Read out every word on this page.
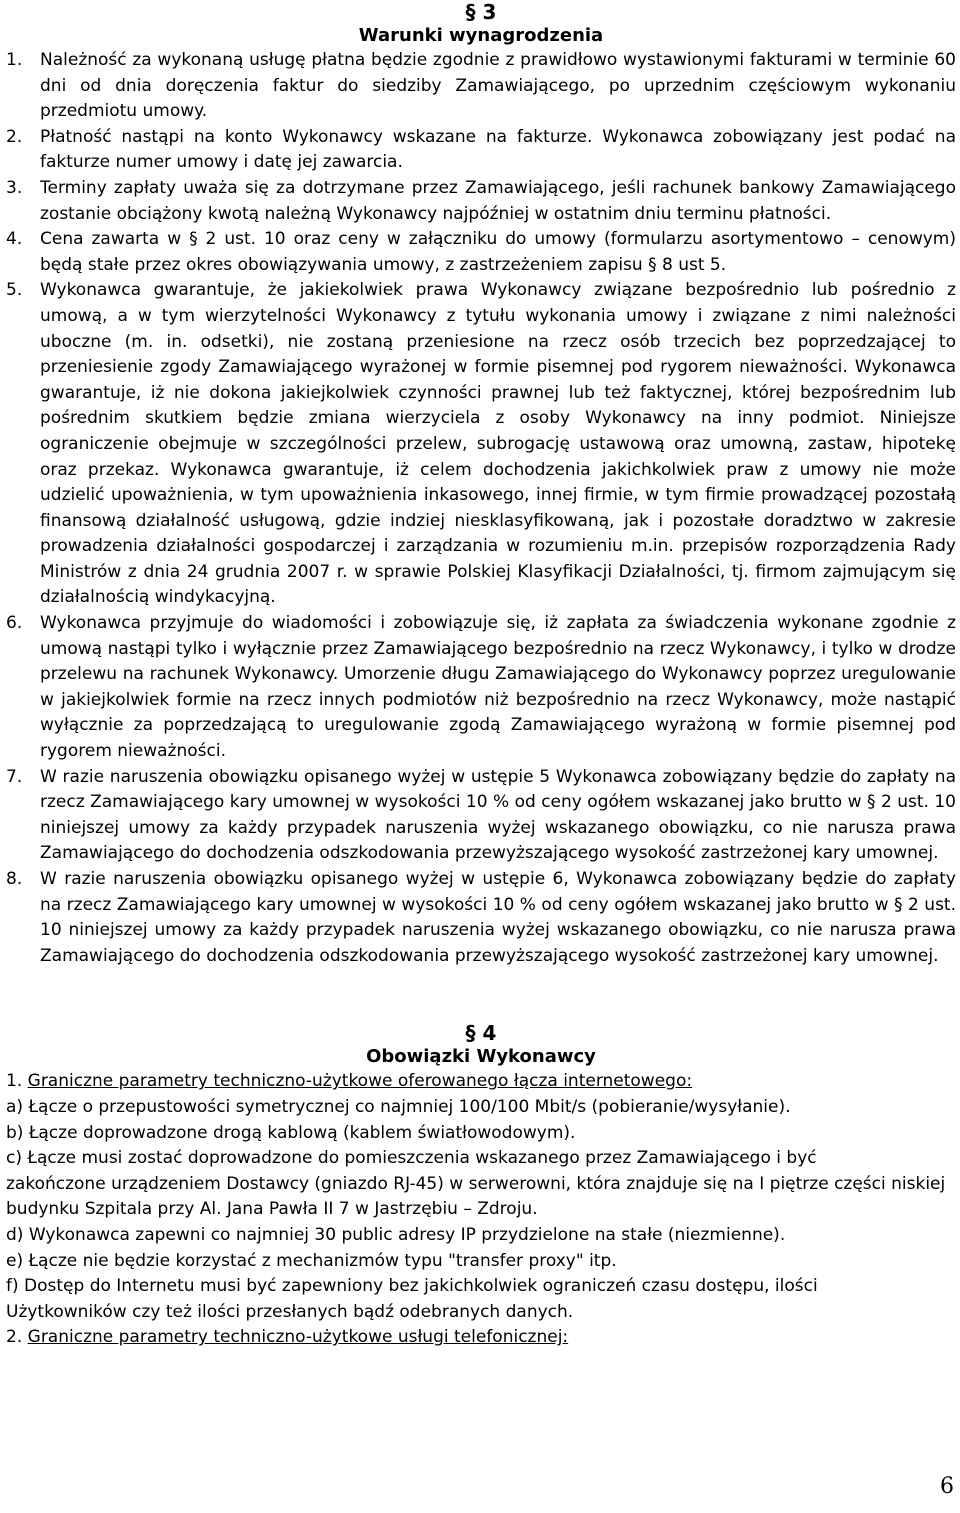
§ 3
Warunki wynagrodzenia
1.	Należność za wykonaną usługę płatna będzie zgodnie z prawidłowo wystawionymi fakturami w terminie 60 dni od dnia doręczenia faktur do siedziby Zamawiającego, po uprzednim częściowym wykonaniu przedmiotu umowy.
2.	Płatność nastąpi na konto Wykonawcy wskazane na fakturze. Wykonawca zobowiązany jest podać na fakturze numer umowy i datę jej zawarcia.
3.	Terminy zapłaty uważa się za dotrzymane przez Zamawiającego, jeśli rachunek bankowy Zamawiającego zostanie obciążony kwotą należną Wykonawcy najpóźniej w ostatnim dniu terminu płatności.
4.	Cena zawarta w § 2 ust. 10 oraz ceny w załączniku do umowy (formularzu asortymentowo – cenowym) będą stałe przez okres obowiązywania umowy, z zastrzeżeniem zapisu § 8 ust 5.
5.	Wykonawca gwarantuje, że jakiekolwiek prawa Wykonawcy związane bezpośrednio lub pośrednio z umową, a w tym wierzytelności Wykonawcy z tytułu wykonania umowy i związane z nimi należności uboczne (m. in. odsetki), nie zostaną przeniesione na rzecz osób trzecich bez poprzedzającej to przeniesienie zgody Zamawiającego wyrażonej w formie pisemnej pod rygorem nieważności. Wykonawca gwarantuje, iż nie dokona jakiejkolwiek czynności prawnej lub też faktycznej, której bezpośrednim lub pośrednim skutkiem będzie zmiana wierzyciela z osoby Wykonawcy na inny podmiot. Niniejsze ograniczenie obejmuje w szczególności przelew, subrogację ustawową oraz umowną, zastaw, hipotekę oraz przekaz. Wykonawca gwarantuje, iż celem dochodzenia jakichkolwiek praw z umowy nie może udzielić upoważnienia, w tym upoważnienia inkasowego, innej firmie, w tym firmie prowadzącej pozostałą finansową działalność usługową, gdzie indziej niesklasyfikowaną, jak i pozostałe doradztwo w zakresie prowadzenia działalności gospodarczej i zarządzania w rozumieniu m.in. przepisów rozporządzenia Rady Ministrów z dnia 24 grudnia 2007 r. w sprawie Polskiej Klasyfikacji Działalności, tj. firmom zajmującym się działalnością windykacyjną.
6.	Wykonawca przyjmuje do wiadomości i zobowiązuje się, iż zapłata za świadczenia wykonane zgodnie z umową nastąpi tylko i wyłącznie przez Zamawiającego bezpośrednio na rzecz Wykonawcy, i tylko w drodze przelewu na rachunek Wykonawcy. Umorzenie długu Zamawiającego do Wykonawcy poprzez uregulowanie w jakiejkolwiek formie na rzecz innych podmiotów niż bezpośrednio na rzecz Wykonawcy, może nastąpić wyłącznie za poprzedzającą to uregulowanie zgodą Zamawiającego wyrażoną w formie pisemnej pod rygorem nieważności.
7.	W razie naruszenia obowiązku opisanego wyżej w ustępie 5 Wykonawca zobowiązany będzie do zapłaty na rzecz Zamawiającego kary umownej w wysokości 10 % od ceny ogółem wskazanej jako brutto w § 2 ust. 10 niniejszej umowy za każdy przypadek naruszenia wyżej wskazanego obowiązku, co nie narusza prawa Zamawiającego do dochodzenia odszkodowania przewyższającego wysokość zastrzeżonej kary umownej.
8.	W razie naruszenia obowiązku opisanego wyżej w ustępie 6, Wykonawca zobowiązany będzie do zapłaty na rzecz Zamawiającego kary umownej w wysokości 10 % od ceny ogółem wskazanej jako brutto w § 2 ust. 10 niniejszej umowy za każdy przypadek naruszenia wyżej wskazanego obowiązku, co nie narusza prawa Zamawiającego do dochodzenia odszkodowania przewyższającego wysokość zastrzeżonej kary umownej.
§ 4
Obowiązki Wykonawcy
1. Graniczne parametry techniczno-użytkowe oferowanego łącza internetowego:
a) Łącze o przepustowości symetrycznej co najmniej 100/100 Mbit/s (pobieranie/wysyłanie).
b) Łącze doprowadzone drogą kablową (kablem światłowodowym).
c) Łącze musi zostać doprowadzone do pomieszczenia wskazanego przez Zamawiającego i być
zakończone urządzeniem Dostawcy (gniazdo RJ-45) w serwerowni, która znajduje się na I piętrze części niskiej budynku Szpitala przy Al. Jana Pawła II 7 w Jastrzębiu – Zdroju.
d) Wykonawca zapewni co najmniej 30 public adresy IP przydzielone na stałe (niezmienne).
e) Łącze nie będzie korzystać z mechanizmów typu "transfer proxy" itp.
f) Dostęp do Internetu musi być zapewniony bez jakichkolwiek ograniczeń czasu dostępu, ilości
Użytkowników czy też ilości przesłanych bądź odebranych danych.
2. Graniczne parametry techniczno-użytkowe usługi telefonicznej:
6
